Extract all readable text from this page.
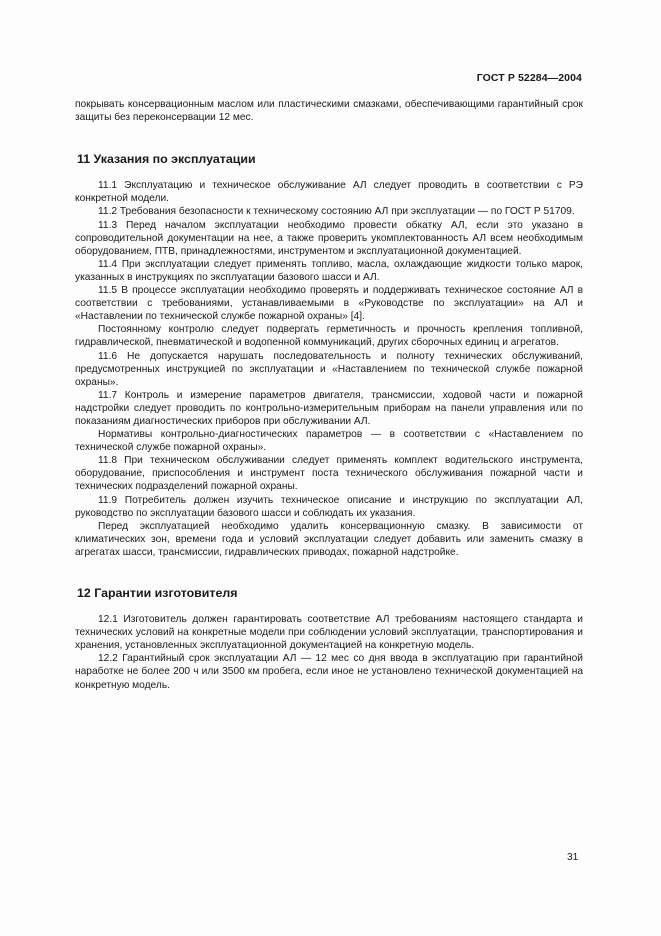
ГОСТ Р 52284—2004

покрывать консервационным маслом или пластическими смазками, обеспечивающими гарантийный срок защиты без переконсервации 12 мес.

11 Указания по эксплуатации

11.1 Эксплуатацию и техническое обслуживание АЛ следует проводить в соответствии с РЭ конкретной модели.

11.2 Требования безопасности к техническому состоянию АЛ при эксплуатации — по ГОСТ Р 51709.

11.3 Перед началом эксплуатации необходимо провести обкатку АЛ, если это указано в сопроводительной документации на нее, а также проверить укомплектованность АЛ всем необходимым оборудованием, ПТВ, принадлежностями, инструментом и эксплуатационной документацией.

11.4 При эксплуатации следует применять топливо, масла, охлаждающие жидкости только марок, указанных в инструкциях по эксплуатации базового шасси и АЛ.

11.5 В процессе эксплуатации необходимо проверять и поддерживать техническое состояние АЛ в соответствии с требованиями, устанавливаемыми в «Руководстве по эксплуатации» на АЛ и «Наставлении по технической службе пожарной охраны» [4].

Постоянному контролю следует подвергать герметичность и прочность крепления топливной, гидравлической, пневматической и водопенной коммуникаций, других сборочных единиц и агрегатов.

11.6 Не допускается нарушать последовательность и полноту технических обслуживаний, предусмотренных инструкцией по эксплуатации и «Наставлением по технической службе пожарной охраны».

11.7 Контроль и измерение параметров двигателя, трансмиссии, ходовой части и пожарной надстройки следует проводить по контрольно-измерительным приборам на панели управления или по показаниям диагностических приборов при обслуживании АЛ.

Нормативы контрольно-диагностических параметров — в соответствии с «Наставлением по технической службе пожарной охраны».

11.8 При техническом обслуживании следует применять комплект водительского инструмента, оборудование, приспособления и инструмент поста технического обслуживания пожарной части и технических подразделений пожарной охраны.

11.9 Потребитель должен изучить техническое описание и инструкцию по эксплуатации АЛ, руководство по эксплуатации базового шасси и соблюдать их указания.

Перед эксплуатацией необходимо удалить консервационную смазку. В зависимости от климатических зон, времени года и условий эксплуатации следует добавить или заменить смазку в агрегатах шасси, трансмиссии, гидравлических приводах, пожарной надстройке.

12 Гарантии изготовителя

12.1 Изготовитель должен гарантировать соответствие АЛ требованиям настоящего стандарта и технических условий на конкретные модели при соблюдении условий эксплуатации, транспортирования и хранения, установленных эксплуатационной документацией на конкретную модель.

12.2 Гарантийный срок эксплуатации АЛ — 12 мес со дня ввода в эксплуатацию при гарантийной наработке не более 200 ч или 3500 км пробега, если иное не установлено технической документацией на конкретную модель.

31
